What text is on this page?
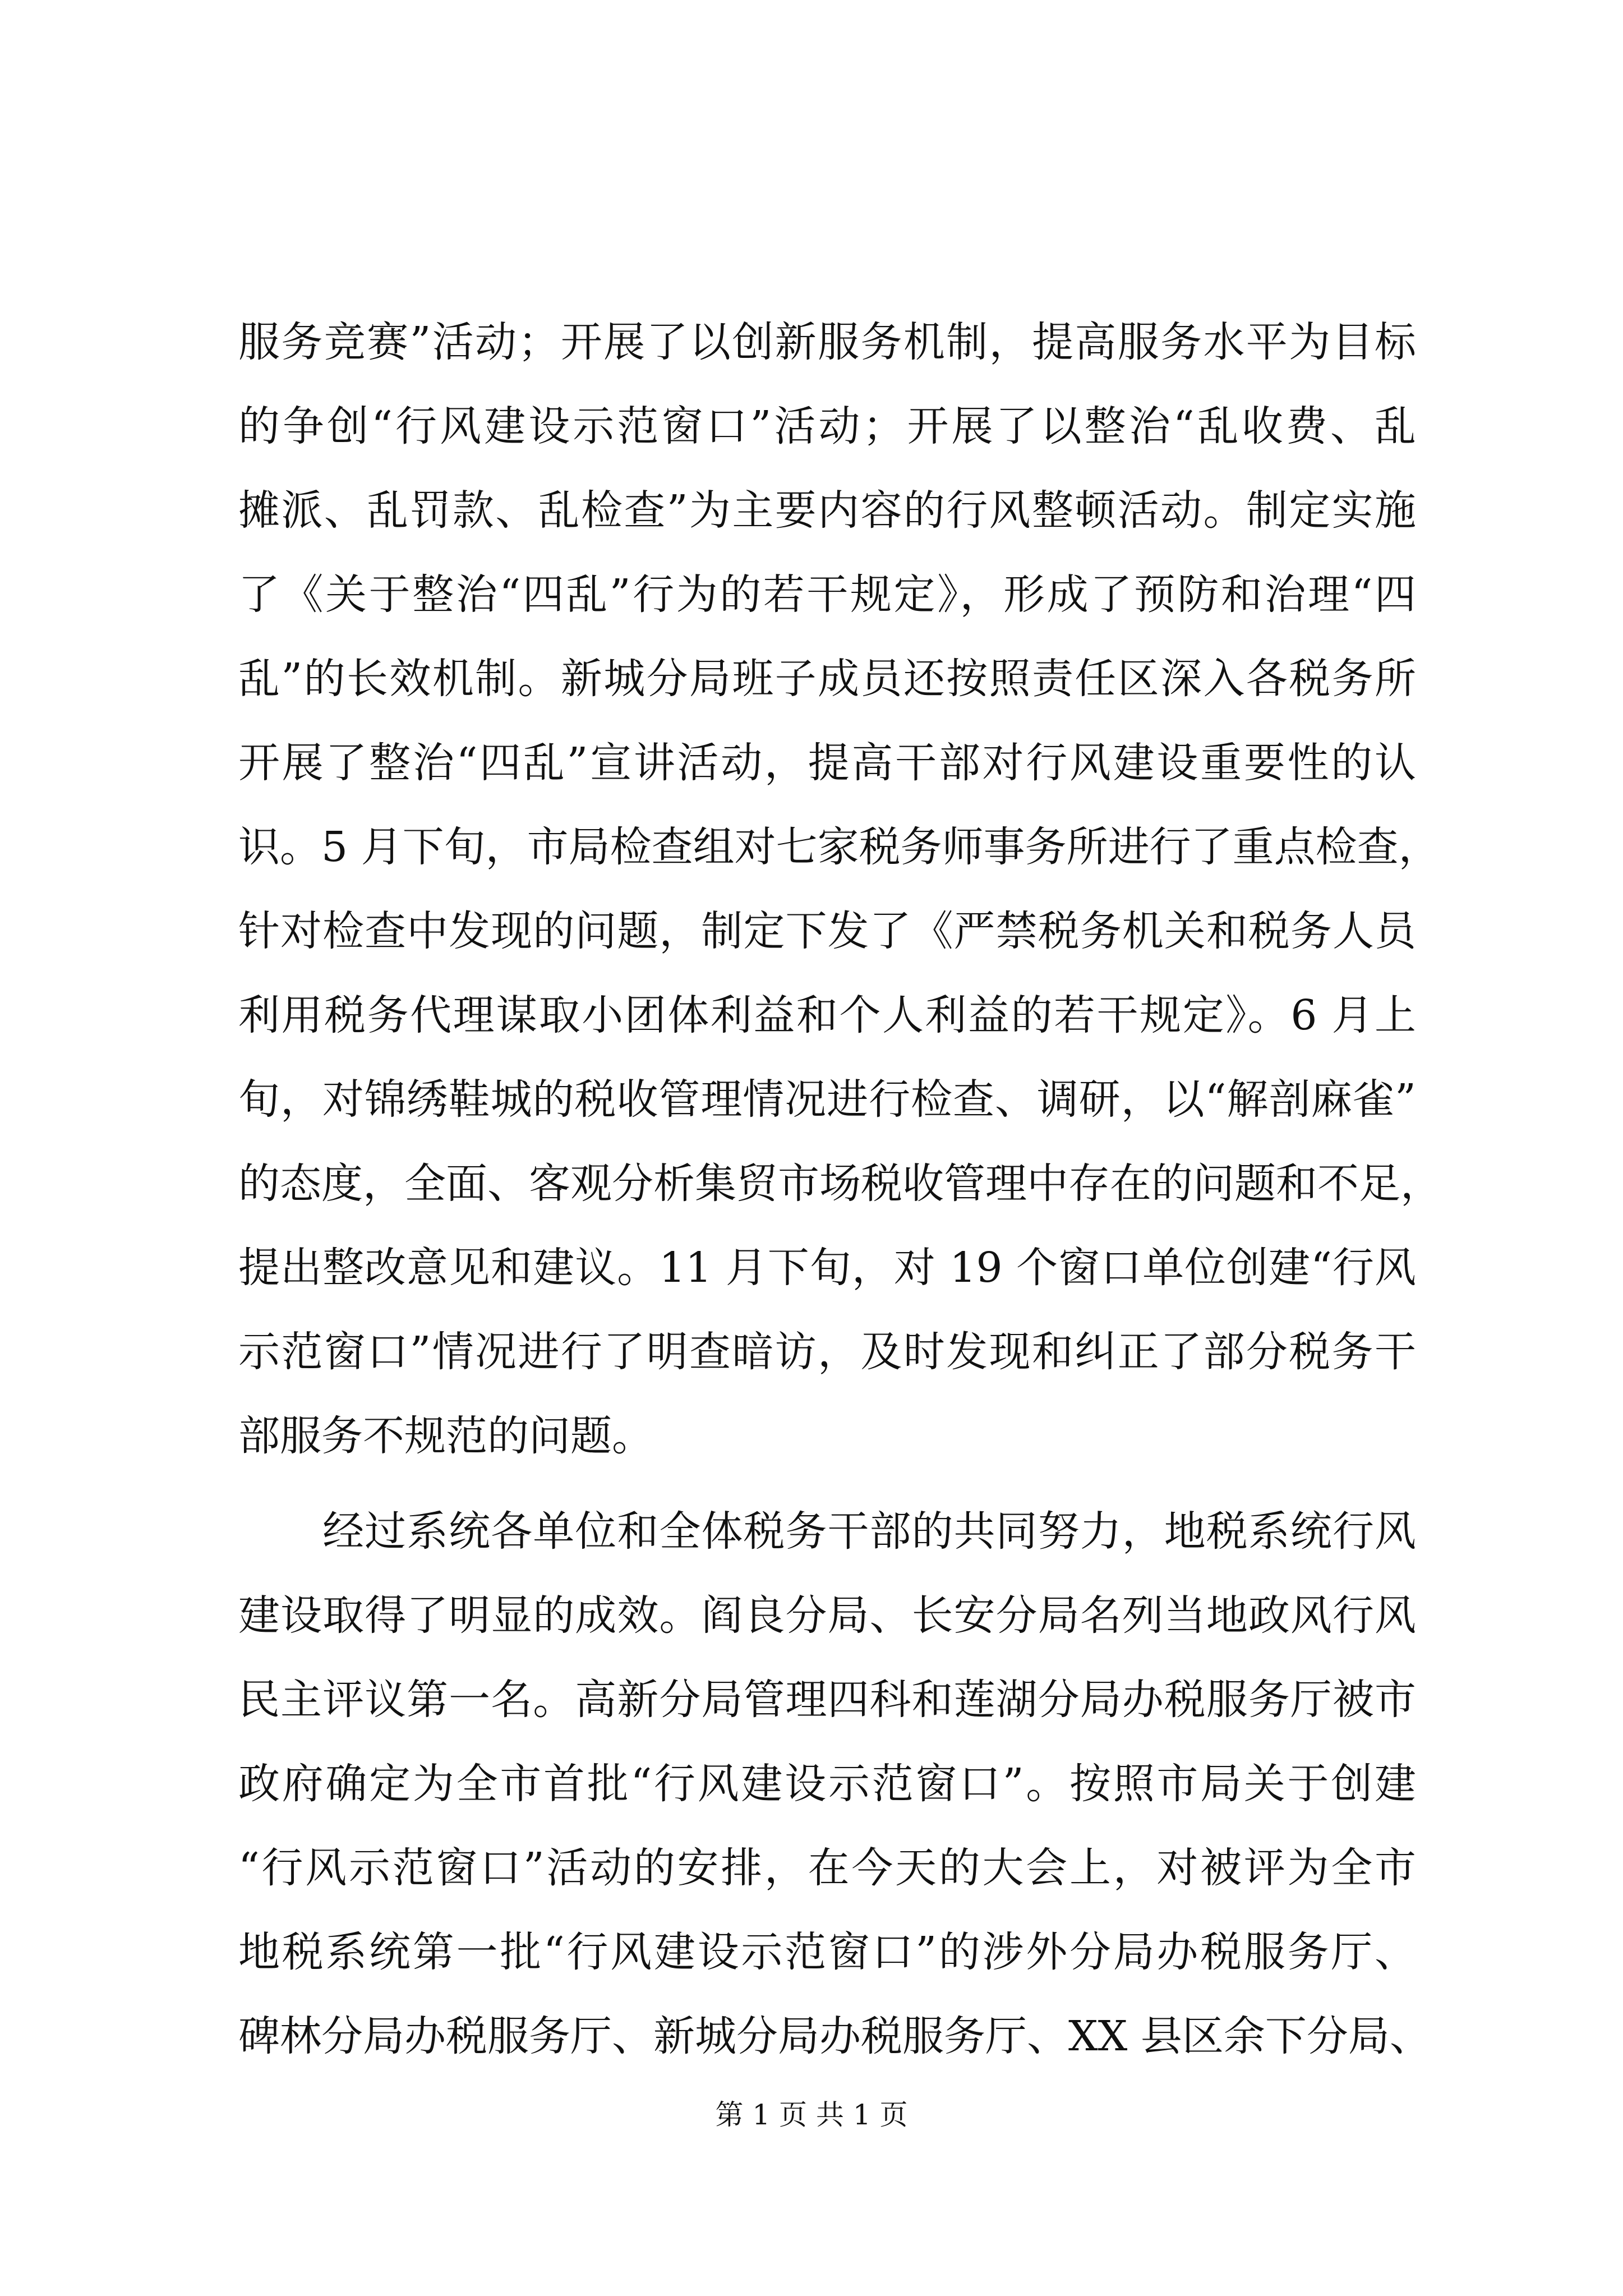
服务竞赛”活动；开展了以创新服务机制，提高服务水平为目标
的争创“行风建设示范窗口”活动；开展了以整治“乱收费、乱
摊派、乱罚款、乱检查”为主要内容的行风整顿活动。制定实施
了《关于整治“四乱”行为的若干规定》，形成了预防和治理“四
乱”的长效机制。新城分局班子成员还按照责任区深入各税务所
开展了整治“四乱”宣讲活动，提高干部对行风建设重要性的认
识。5 月下旬，市局检查组对七家税务师事务所进行了重点检查，
针对检查中发现的问题，制定下发了《严禁税务机关和税务人员
利用税务代理谋取小团体利益和个人利益的若干规定》。6 月上
旬，对锦绣鞋城的税收管理情况进行检查、调研，以“解剖麻雀”
的态度，全面、客观分析集贸市场税收管理中存在的问题和不足，
提出整改意见和建议。11 月下旬，对 19 个窗口单位创建“行风
示范窗口”情况进行了明查暗访，及时发现和纠正了部分税务干
部服务不规范的问题。
　　经过系统各单位和全体税务干部的共同努力，地税系统行风
建设取得了明显的成效。阎良分局、长安分局名列当地政风行风
民主评议第一名。高新分局管理四科和莲湖分局办税服务厅被市
政府确定为全市首批“行风建设示范窗口”。按照市局关于创建
“行风示范窗口”活动的安排，在今天的大会上，对被评为全市
地税系统第一批“行风建设示范窗口”的涉外分局办税服务厅、
碑林分局办税服务厅、新城分局办税服务厅、XX 县区余下分局、
第 1 页 共 1 页
